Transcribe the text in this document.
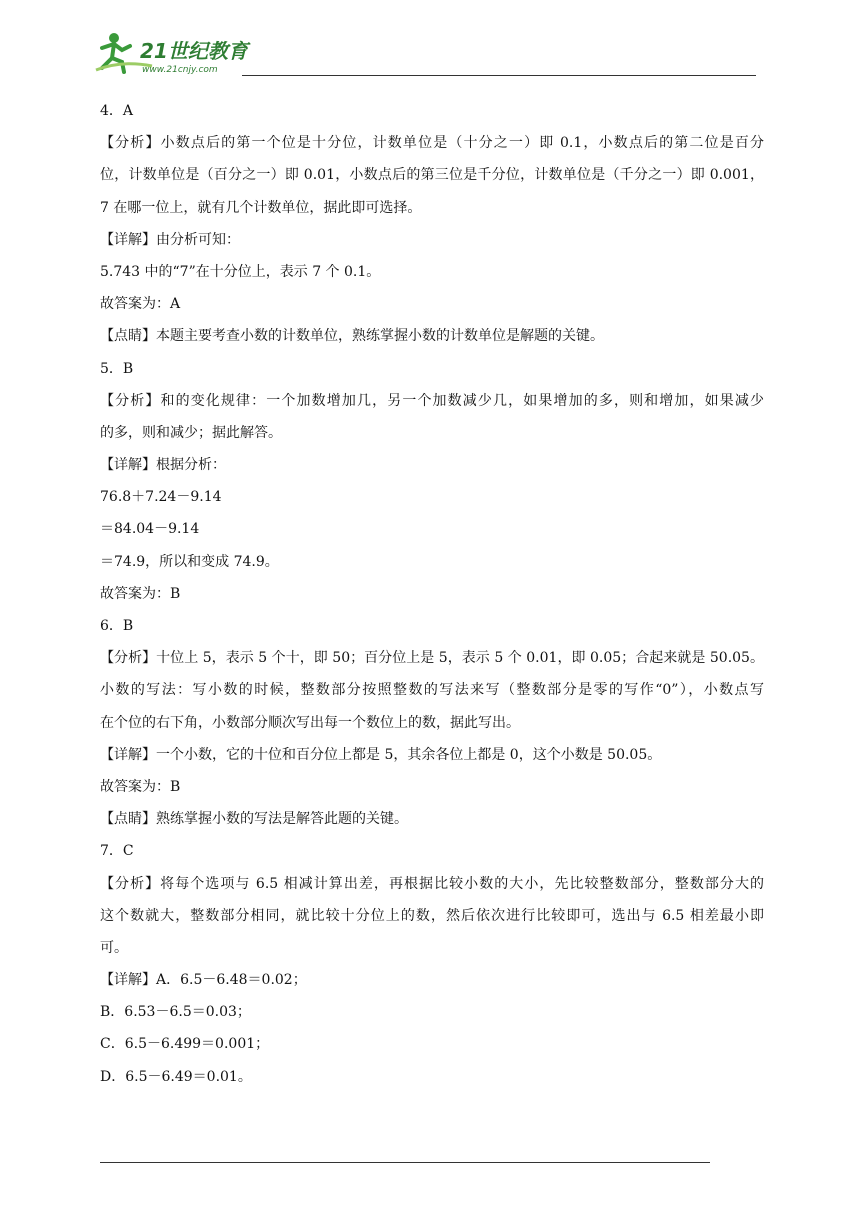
21世纪教育
www.21cnjy.com
4．A
【分析】小数点后的第一个位是十分位，计数单位是（十分之一）即 0.1，小数点后的第二位是百分
位，计数单位是（百分之一）即 0.01，小数点后的第三位是千分位，计数单位是（千分之一）即 0.001，
7 在哪一位上，就有几个计数单位，据此即可选择。
【详解】由分析可知：
5.743 中的“7”在十分位上，表示 7 个 0.1。
故答案为：A
【点睛】本题主要考查小数的计数单位，熟练掌握小数的计数单位是解题的关键。
5．B
【分析】和的变化规律：一个加数增加几，另一个加数减少几，如果增加的多，则和增加，如果减少
的多，则和减少；据此解答。
【详解】根据分析：
76.8＋7.24－9.14
＝84.04－9.14
＝74.9，所以和变成 74.9。
故答案为：B
6．B
【分析】十位上 5，表示 5 个十，即 50；百分位上是 5，表示 5 个 0.01，即 0.05；合起来就是 50.05。
小数的写法：写小数的时候，整数部分按照整数的写法来写（整数部分是零的写作“0”），小数点写
在个位的右下角，小数部分顺次写出每一个数位上的数，据此写出。
【详解】一个小数，它的十位和百分位上都是 5，其余各位上都是 0，这个小数是 50.05。
故答案为：B
【点睛】熟练掌握小数的写法是解答此题的关键。
7．C
【分析】将每个选项与 6.5 相减计算出差，再根据比较小数的大小，先比较整数部分，整数部分大的
这个数就大，整数部分相同，就比较十分位上的数，然后依次进行比较即可，选出与 6.5 相差最小即
可。
【详解】A．6.5－6.48＝0.02；
B．6.53－6.5＝0.03；
C．6.5－6.499＝0.001；
D．6.5－6.49＝0.01。
